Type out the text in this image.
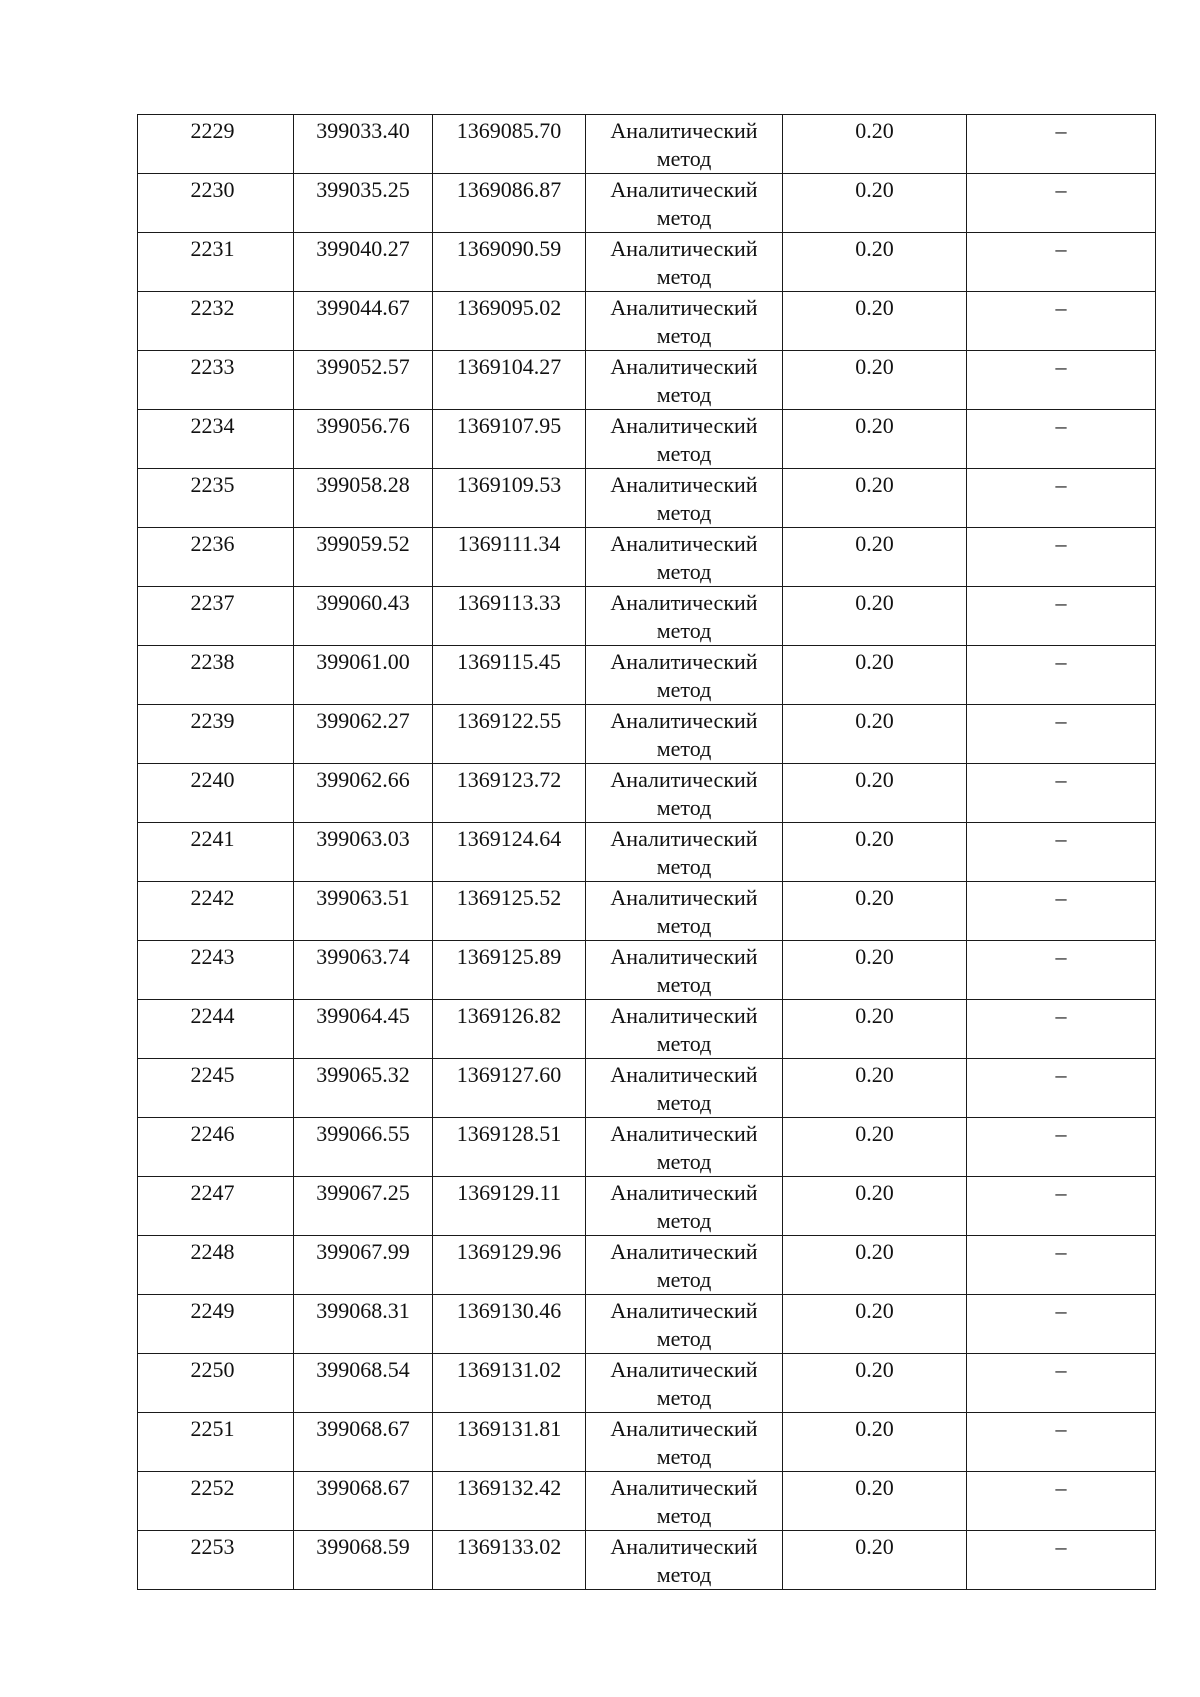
2229	399033.40	1369085.70	Аналитический метод	0.20	–

2230	399035.25	1369086.87	Аналитический метод	0.20	–

2231	399040.27	1369090.59	Аналитический метод	0.20	–

2232	399044.67	1369095.02	Аналитический метод	0.20	–

2233	399052.57	1369104.27	Аналитический метод	0.20	–

2234	399056.76	1369107.95	Аналитический метод	0.20	–

2235	399058.28	1369109.53	Аналитический метод	0.20	–

2236	399059.52	1369111.34	Аналитический метод	0.20	–

2237	399060.43	1369113.33	Аналитический метод	0.20	–

2238	399061.00	1369115.45	Аналитический метод	0.20	–

2239	399062.27	1369122.55	Аналитический метод	0.20	–

2240	399062.66	1369123.72	Аналитический метод	0.20	–

2241	399063.03	1369124.64	Аналитический метод	0.20	–

2242	399063.51	1369125.52	Аналитический метод	0.20	–

2243	399063.74	1369125.89	Аналитический метод	0.20	–

2244	399064.45	1369126.82	Аналитический метод	0.20	–

2245	399065.32	1369127.60	Аналитический метод	0.20	–

2246	399066.55	1369128.51	Аналитический метод	0.20	–

2247	399067.25	1369129.11	Аналитический метод	0.20	–

2248	399067.99	1369129.96	Аналитический метод	0.20	–

2249	399068.31	1369130.46	Аналитический метод	0.20	–

2250	399068.54	1369131.02	Аналитический метод	0.20	–

2251	399068.67	1369131.81	Аналитический метод	0.20	–

2252	399068.67	1369132.42	Аналитический метод	0.20	–

2253	399068.59	1369133.02	Аналитический метод	0.20	–
